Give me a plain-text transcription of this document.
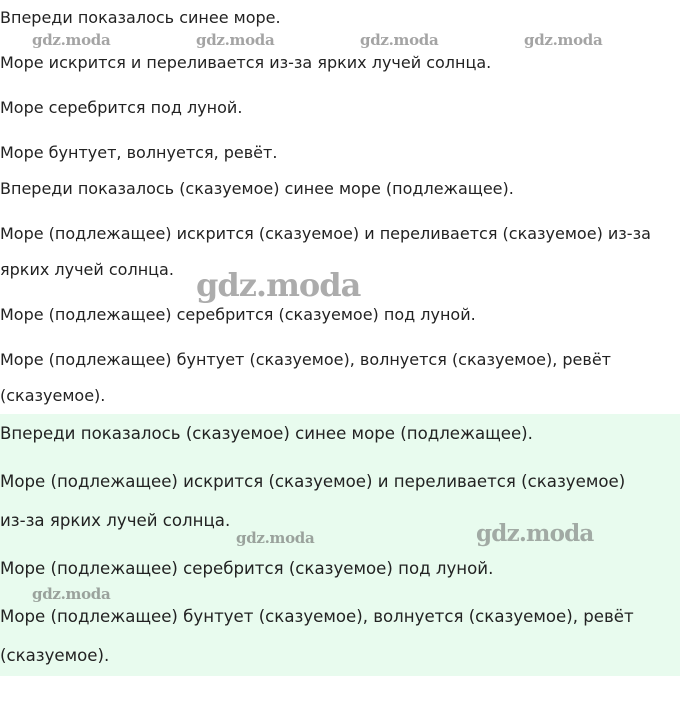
Впереди показалось синее море.
Море искрится и переливается из-за ярких лучей солнца.
Море серебрится под луной.
Море бунтует, волнуется, ревёт.
Впереди показалось (сказуемое) синее море (подлежащее).
Море (подлежащее) искрится (сказуемое) и переливается (сказуемое) из-за
ярких лучей солнца.
Море (подлежащее) серебрится (сказуемое) под луной.
Море (подлежащее) бунтует (сказуемое), волнуется (сказуемое), ревёт
(сказуемое).
Впереди показалось (сказуемое) синее море (подлежащее).
Море (подлежащее) искрится (сказуемое) и переливается (сказуемое)
из-за ярких лучей солнца.
Море (подлежащее) серебрится (сказуемое) под луной.
Море (подлежащее) бунтует (сказуемое), волнуется (сказуемое), ревёт
(сказуемое).
gdz.moda	gdz.moda	gdz.moda	gdz.moda
gdz.moda
gdz.moda	gdz.moda
gdz.moda
